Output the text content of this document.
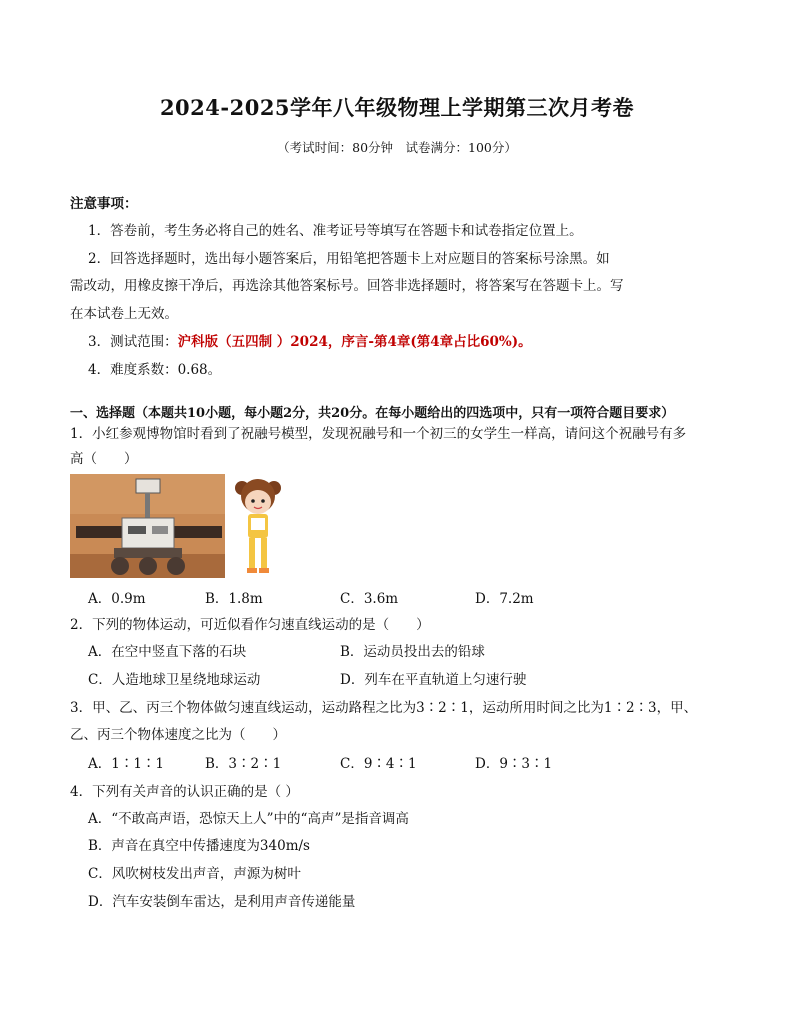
2024-2025学年八年级物理上学期第三次月考卷
（考试时间：80分钟　试卷满分：100分）
注意事项：
1．答卷前，考生务必将自己的姓名、准考证号等填写在答题卡和试卷指定位置上。
2．回答选择题时，选出每小题答案后，用铅笔把答题卡上对应题目的答案标号涂黑。如
需改动，用橡皮擦干净后，再选涂其他答案标号。回答非选择题时，将答案写在答题卡上。写
在本试卷上无效。
3．测试范围：沪科版（五四制 ）2024，序言-第4章(第4章占比60%)。
4．难度系数：0.68。
一、选择题（本题共10小题，每小题2分，共20分。在每小题给出的四选项中，只有一项符合题目要求）
1．小红参观博物馆时看到了祝融号模型，发现祝融号和一个初三的女学生一样高，请问这个祝融号有多
高（　　）
A．0.9m	B．1.8m	C．3.6m	D．7.2m
2．下列的物体运动，可近似看作匀速直线运动的是（　　）
A．在空中竖直下落的石块	B．运动员投出去的铅球
C．人造地球卫星绕地球运动	D．列车在平直轨道上匀速行驶
3．甲、乙、丙三个物体做匀速直线运动，运动路程之比为3∶2∶1，运动所用时间之比为1∶2∶3，甲、
乙、丙三个物体速度之比为（　　）
A．1∶1∶1	B．3∶2∶1	C．9∶4∶1	D．9∶3∶1
4．下列有关声音的认识正确的是（ ）
A．“不敢高声语，恐惊天上人”中的“高声”是指音调高
B．声音在真空中传播速度为340m/s
C．风吹树枝发出声音，声源为树叶
D．汽车安装倒车雷达，是利用声音传递能量
